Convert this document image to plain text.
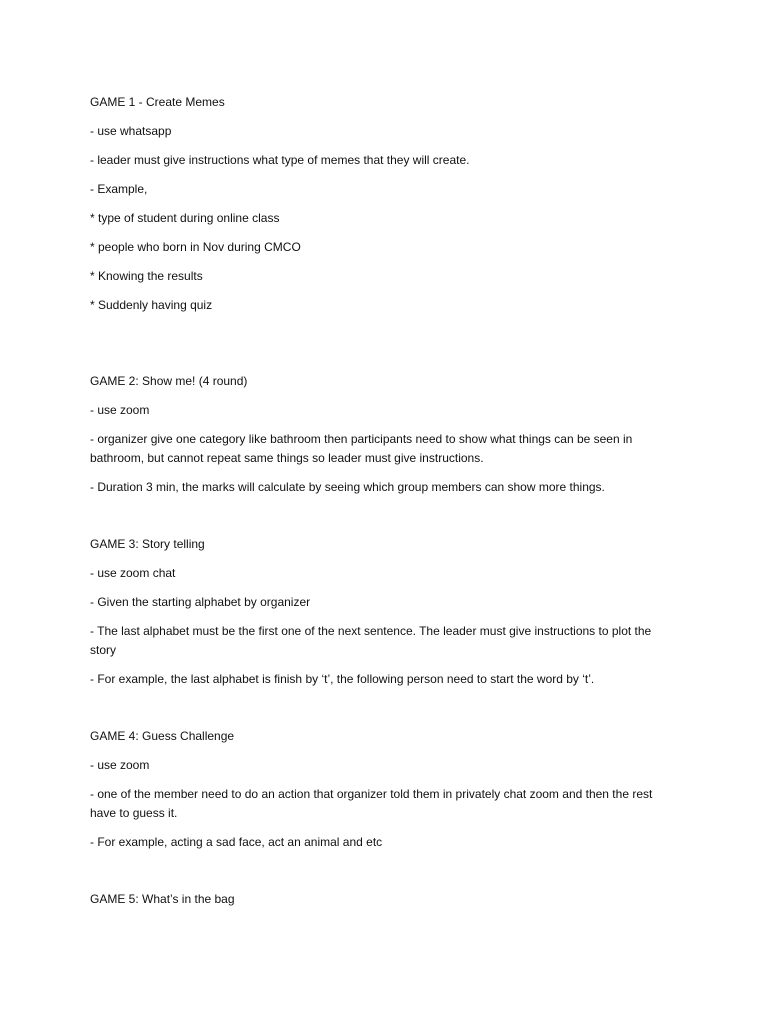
GAME 1 - Create Memes

- use whatsapp

- leader must give instructions what type of memes that they will create.

- Example,

* type of student during online class

* people who born in Nov during CMCO

* Knowing the results

* Suddenly having quiz

GAME 2: Show me! (4 round)

- use zoom

- organizer give one category like bathroom then participants need to show what things can be seen in bathroom, but cannot repeat same things so leader must give instructions.

- Duration 3 min, the marks will calculate by seeing which group members can show more things.

GAME 3: Story telling

- use zoom chat

- Given the starting alphabet by organizer

- The last alphabet must be the first one of the next sentence. The leader must give instructions to plot the story

- For example, the last alphabet is finish by ‘t’, the following person need to start the word by ‘t’.

GAME 4: Guess Challenge

- use zoom

- one of the member need to do an action that organizer told them in privately chat zoom and then the rest have to guess it.

- For example, acting a sad face, act an animal and etc

GAME 5: What’s in the bag
